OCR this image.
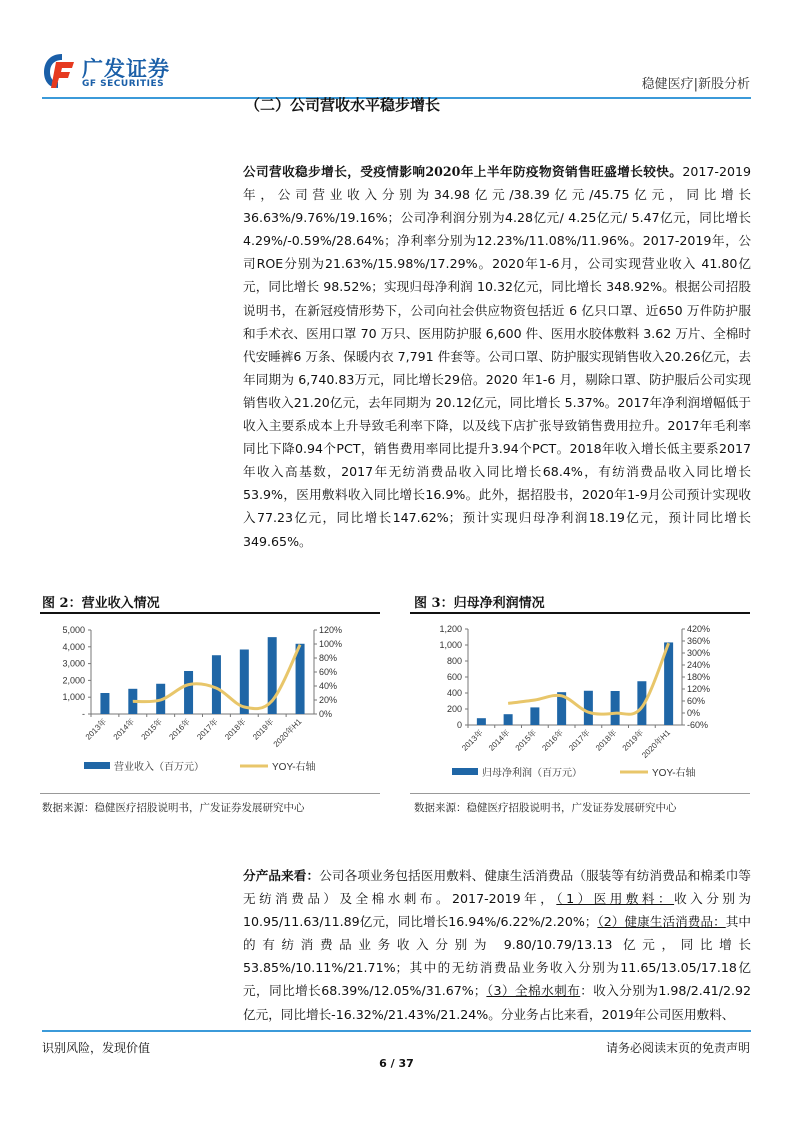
广发证券
GF SECURITIES	稳健医疗|新股分析
（二）公司营收水平稳步增长
公司营收稳步增长，受疫情影响2020年上半年防疫物资销售旺盛增长较快。2017-2019年，公司营业收入分别为34.98亿元/38.39亿元/45.75亿元，同比增长36.63%/9.76%/19.16%；公司净利润分别为4.28亿元/ 4.25亿元/ 5.47亿元，同比增长4.29%/-0.59%/28.64%；净利率分别为12.23%/11.08%/11.96%。2017-2019年，公司ROE分别为21.63%/15.98%/17.29%。2020年1-6月，公司实现营业收入 41.80亿元，同比增长 98.52%；实现归母净利润 10.32亿元，同比增长 348.92%。根据公司招股说明书，在新冠疫情形势下，公司向社会供应物资包括近 6 亿只口罩、近650 万件防护服和手术衣、医用口罩 70 万只、医用防护服 6,600 件、医用水胶体敷料 3.62 万片、全棉时代安睡裤6 万条、保暖内衣 7,791 件套等。公司口罩、防护服实现销售收入20.26亿元，去年同期为 6,740.83万元，同比增长29倍。2020 年1-6 月，剔除口罩、防护服后公司实现销售收入21.20亿元，去年同期为 20.12亿元，同比增长 5.37%。2017年净利润增幅低于收入主要系成本上升导致毛利率下降，以及线下店扩张导致销售费用拉升。2017年毛利率同比下降0.94个PCT，销售费用率同比提升3.94个PCT。2018年收入增长低主要系2017年收入高基数，2017年无纺消费品收入同比增长68.4%，有纺消费品收入同比增长53.9%，医用敷料收入同比增长16.9%。此外，据招股书，2020年1-9月公司预计实现收入77.23亿元，同比增长147.62%；预计实现归母净利润18.19亿元，预计同比增长349.65%。
图 2：营业收入情况
-
1,000
2,000
3,000
4,000
5,000
0%
20%
40%
60%
80%
100%
120%
2013年 2014年 2015年 2016年 2017年 2018年 2019年
2020年H1
营业收入（百万元）	YOY-右轴
数据来源：稳健医疗招股说明书，广发证券发展研究中心
图 3：归母净利润情况
0
200
400
600
800
1,000
1,200
-60%
0%
60%
120%
180%
240%
300%
360%
420%
2013年 2014年 2015年 2016年 2017年 2018年 2019年
2020年H1
归母净利润（百万元）	YOY-右轴
数据来源：稳健医疗招股说明书，广发证券发展研究中心
分产品来看：公司各项业务包括医用敷料、健康生活消费品（服装等有纺消费品和棉柔巾等无纺消费品）及全棉水刺布。2017-2019年，（1）医用敷料：收入分别为10.95/11.63/11.89亿元，同比增长16.94%/6.22%/2.20%；（2）健康生活消费品：其中的有纺消费品业务收入分别为 9.80/10.79/13.13 亿元，同比增长53.85%/10.11%/21.71%；其中的无纺消费品业务收入分别为11.65/13.05/17.18亿元，同比增长68.39%/12.05%/31.67%；（3）全棉水刺布：收入分别为1.98/2.41/2.92亿元，同比增长-16.32%/21.43%/21.24%。分业务占比来看，2019年公司医用敷料、
识别风险，发现价值	请务必阅读末页的免责声明
6 / 37
